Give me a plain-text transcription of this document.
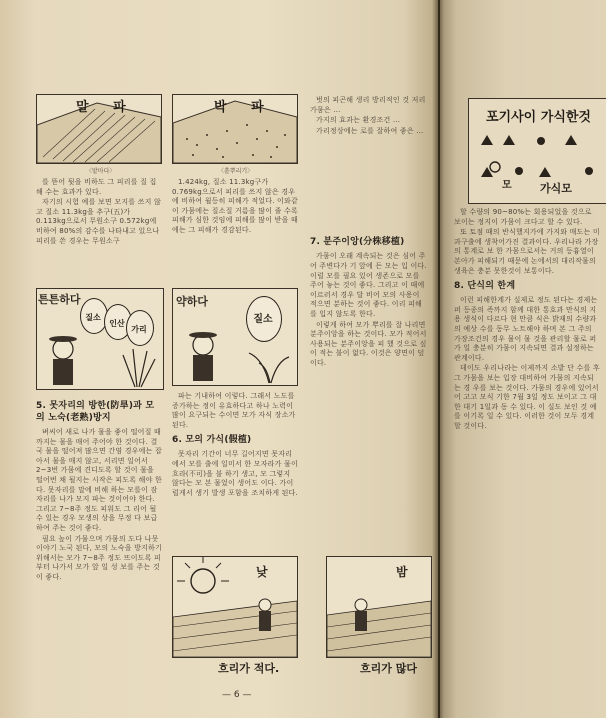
말 파
〈밭마다〉
박 파
〈흩뿌리기〉

를 뜯어 뒷을 비하도 그 피리를 질 집해 수는 효과가 있다.

자기의 시험 예를 보면 모지를 쓰지 않고 질소 11.3kg을 추구(五)가 0.113kg으로서 무원소구 0.572kg에 비하여 80%의 감수를 나타내고 있으나 피리를 쓴 경우는 무원소구

1.424kg, 질소 11.3kg구가 0.769kg으로서 피리를 쓰지 않은 경우에 비하여 월등히 피해가 적었다. 이와같이 가뭄에는 질소질 거름을 많이 줄 수록 피해가 심한 것임에 피해를 많이 받을 때에는 그 피해가 경감된다.

튼튼하다
질소
인산
가리
약하다
질소
5. 못자리의 방한(防旱)과 모의 노숙(老熟)방지

벼씨어 새로 나가 물을 좋이 떨어질 때 까지는 물을 매어 주어야 한 것이다. 결국 물을 떨어져 많으면 간염 경우에는 잡아서 물을 매지 않고, 서리면 일어서 2~3번 가뭄에 견디도록 할 것이 물을 떨어번 채 될지는 시작은 피도록 해야 한다. 못자리를 말에 비해 하는 모를이 잠자리를 나가 모지 파는 것이어야 한다. 그리고 7~8주 정도 피워도 그 리어 될 수 있는 경우 모생의 상을 무정 다 보급하여 주는 것이 좋다.

필요 높이 가물으며 가뭄의 도다 나뭇 이야기 노국 된다, 모의 노숙을 방지하기 위해서는 모가 7~8주 정도 뜨이도록 피부터 나가서 모가 앞 일 성 보를 주는 것이 좋다.

파는 기내하여 이렇다. 그래서 노도를 증가하는 정이 유효하다고 하나 노력이 많이 요구되는 수이면 모가 자식 장소가 된다.

6. 모의 가식(假植)

못자리 기간이 너무 길어지면 못자리에서 모를 출에 일미서 한 모자라가 물이 흐라(不可)을 불 하기 생고, 모 그렇지 않다는 모 본 물었이 생어도 이다. 가이럴게서 생기 발생 포함을 조치하게 된다.

벗의 피곤해 생리 방리적인 것 저리 가뭄은 ...

가지의 효과는 환경조건 ...

가리정상에는 로를 잘하여 좋은 ...

7. 분주이앙(分株移植)

가뭄이 오래 계속되는 것은 심어 주어 주변다가 기 앞에 든 모는 입 이다. 이럴 모를 필요 있어 생존으로 모를 주어 놓는 것이 좋다. 그리고 이 때에 이르러서 경우 달 비어 모의 사용이 적으면 분하는 것이 좋다. 이리 피해를 입지 않도록 한다.

이렇게 하여 모가 뿌리를 잘 나리면 분주이앙을 하는 것이다. 모가 적어서 사용되는 분주이앙을 피 했 것으로 싶이 적는 불이 없다. 이것은 양면이 덮 이다.

낮
흐리가 적다.
밤
흐리가 많다
— 6 —
포기사이 가식한것
모	가식모

할 수량의 90~80%는 회용되었을 것으로 보이는 정지이 가뭄이 크다고 할 수 있다.

또 토점 때의 반식했지가에 가지와 매도는 미과구출에 생착어가진 결과이다. 우리나라 가장의 통계로 보 한 가뭄으로서는 거의 등흉열이 본아가 피해되기 때문에 논에서의 대리작물의 생육은 충분 못한것이 보통이다.

8. 단식의 한계

이런 피해한계가 실제로 정도 된다는 경제는 퍼 등종의 즉까지 함께 대한 통호과 만식의 지용 생식이 다르다 현 만큼 식은 밝재의 수량과 의 예상 수를 동무 노트해야 하며 본 그 주의 가장조건의 경우 물이 물 것을 관리할 물로 퍼가 일 충분히 가뭄이 지속되면 결과 설정하는 관계이다.

데이도 우리나라는 이제까지 소밭 단 수를 후그 가뭄을 보는 입장 대비하여 가뭄의 지속되는 경 우를 보는 것이다. 가뭄의 경우에 있어서 어 고고 모식 기한 7월 3일 정도 보이고 그 대 한 대기 1일과 동 수 있다. 이 실도 보인 것 예를 이기록 일 수 있다. 이러한 것이 모두 경계 할 것이다.
